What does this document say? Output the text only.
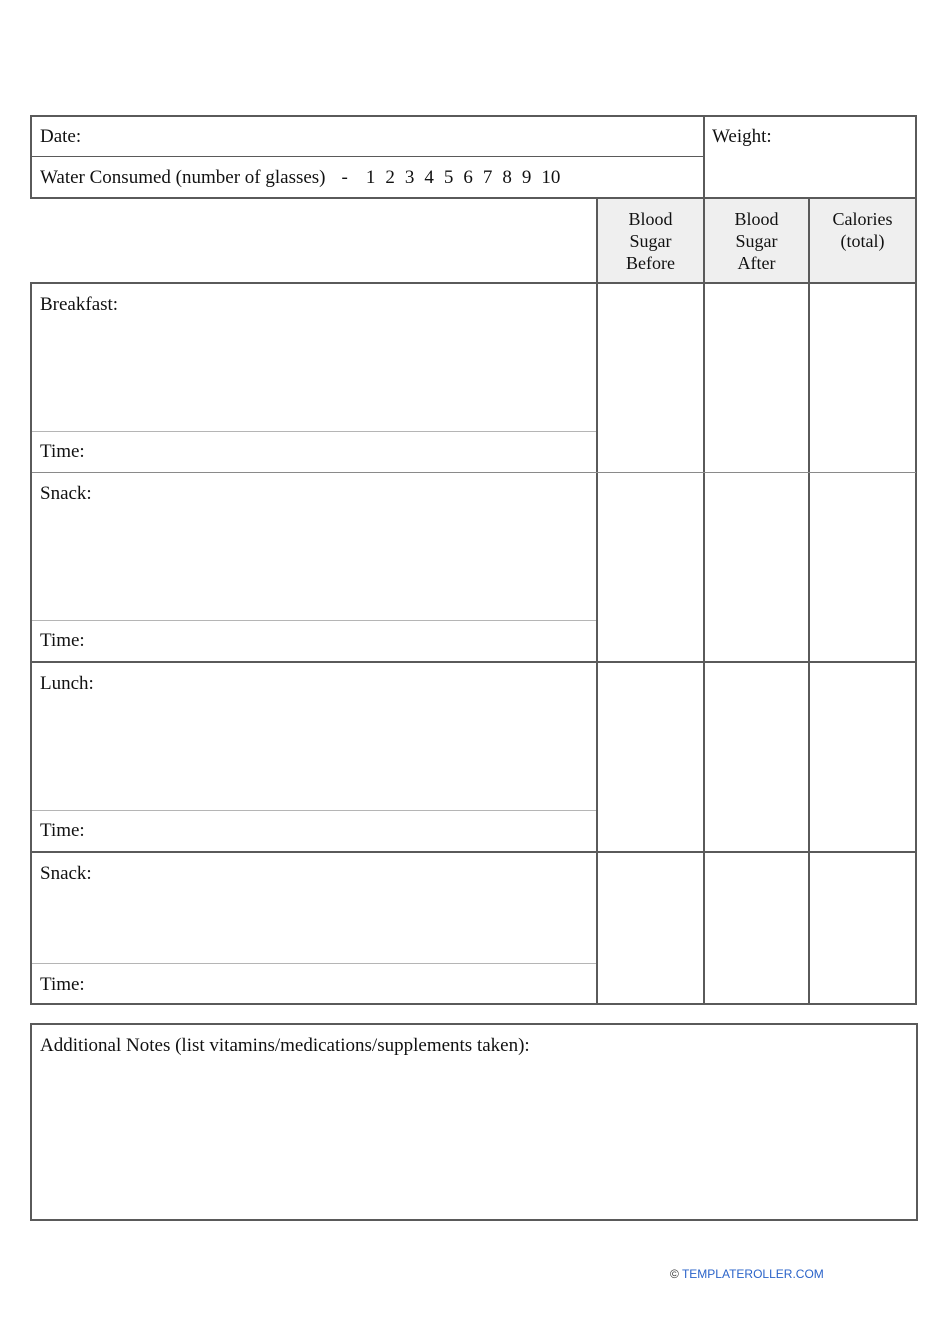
Date:	Weight:
Water Consumed (number of glasses) - 1 2 3 4 5 6 7 8 9 10
Blood
Sugar
Before
Blood
Sugar
After
Calories
(total)
Breakfast:
Time:
Snack:
Time:
Lunch:
Time:
Snack:
Time:
Additional Notes (list vitamins/medications/supplements taken):
© TEMPLATEROLLER.COM
